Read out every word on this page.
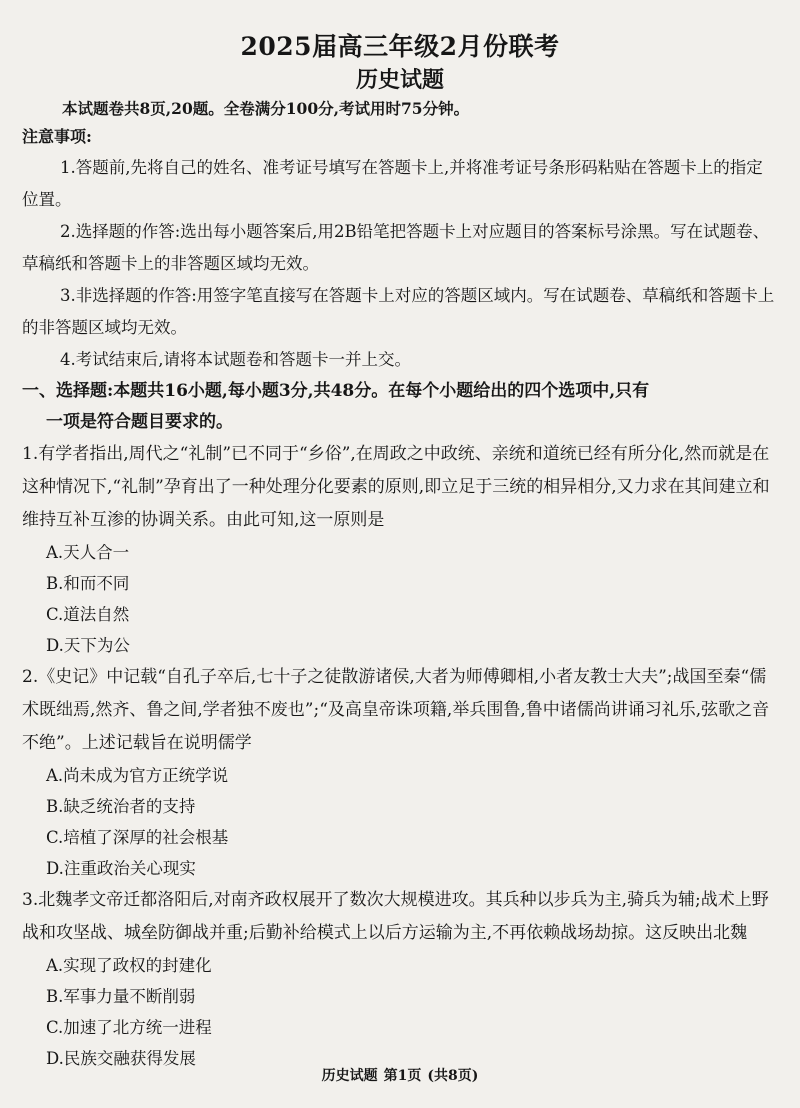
2025届高三年级2月份联考
历史试题

本试题卷共8页,20题。全卷满分100分,考试用时75分钟。

注意事项:

1.答题前,先将自己的姓名、准考证号填写在答题卡上,并将准考证号条形码粘贴在答题卡上的指定位置。

2.选择题的作答:选出每小题答案后,用2B铅笔把答题卡上对应题目的答案标号涂黑。写在试题卷、草稿纸和答题卡上的非答题区域均无效。

3.非选择题的作答:用签字笔直接写在答题卡上对应的答题区域内。写在试题卷、草稿纸和答题卡上的非答题区域均无效。

4.考试结束后,请将本试题卷和答题卡一并上交。

一、选择题:本题共16小题,每小题3分,共48分。在每个小题给出的四个选项中,只有
一项是符合题目要求的。

1.有学者指出,周代之“礼制”已不同于“乡俗”,在周政之中政统、亲统和道统已经有所分化,然而就是在这种情况下,“礼制”孕育出了一种处理分化要素的原则,即立足于三统的相异相分,又力求在其间建立和维持互补互渗的协调关系。由此可知,这一原则是

A.天人合一

B.和而不同

C.道法自然

D.天下为公

2.《史记》中记载“自孔子卒后,七十子之徒散游诸侯,大者为师傅卿相,小者友教士大夫”;战国至秦“儒术既绌焉,然齐、鲁之间,学者独不废也”;“及高皇帝诛项籍,举兵围鲁,鲁中诸儒尚讲诵习礼乐,弦歌之音不绝”。上述记载旨在说明儒学

A.尚未成为官方正统学说

B.缺乏统治者的支持

C.培植了深厚的社会根基

D.注重政治关心现实

3.北魏孝文帝迁都洛阳后,对南齐政权展开了数次大规模进攻。其兵种以步兵为主,骑兵为辅;战术上野战和攻坚战、城垒防御战并重;后勤补给模式上以后方运输为主,不再依赖战场劫掠。这反映出北魏

A.实现了政权的封建化

B.军事力量不断削弱

C.加速了北方统一进程

D.民族交融获得发展

历史试题 第1页 (共8页)
